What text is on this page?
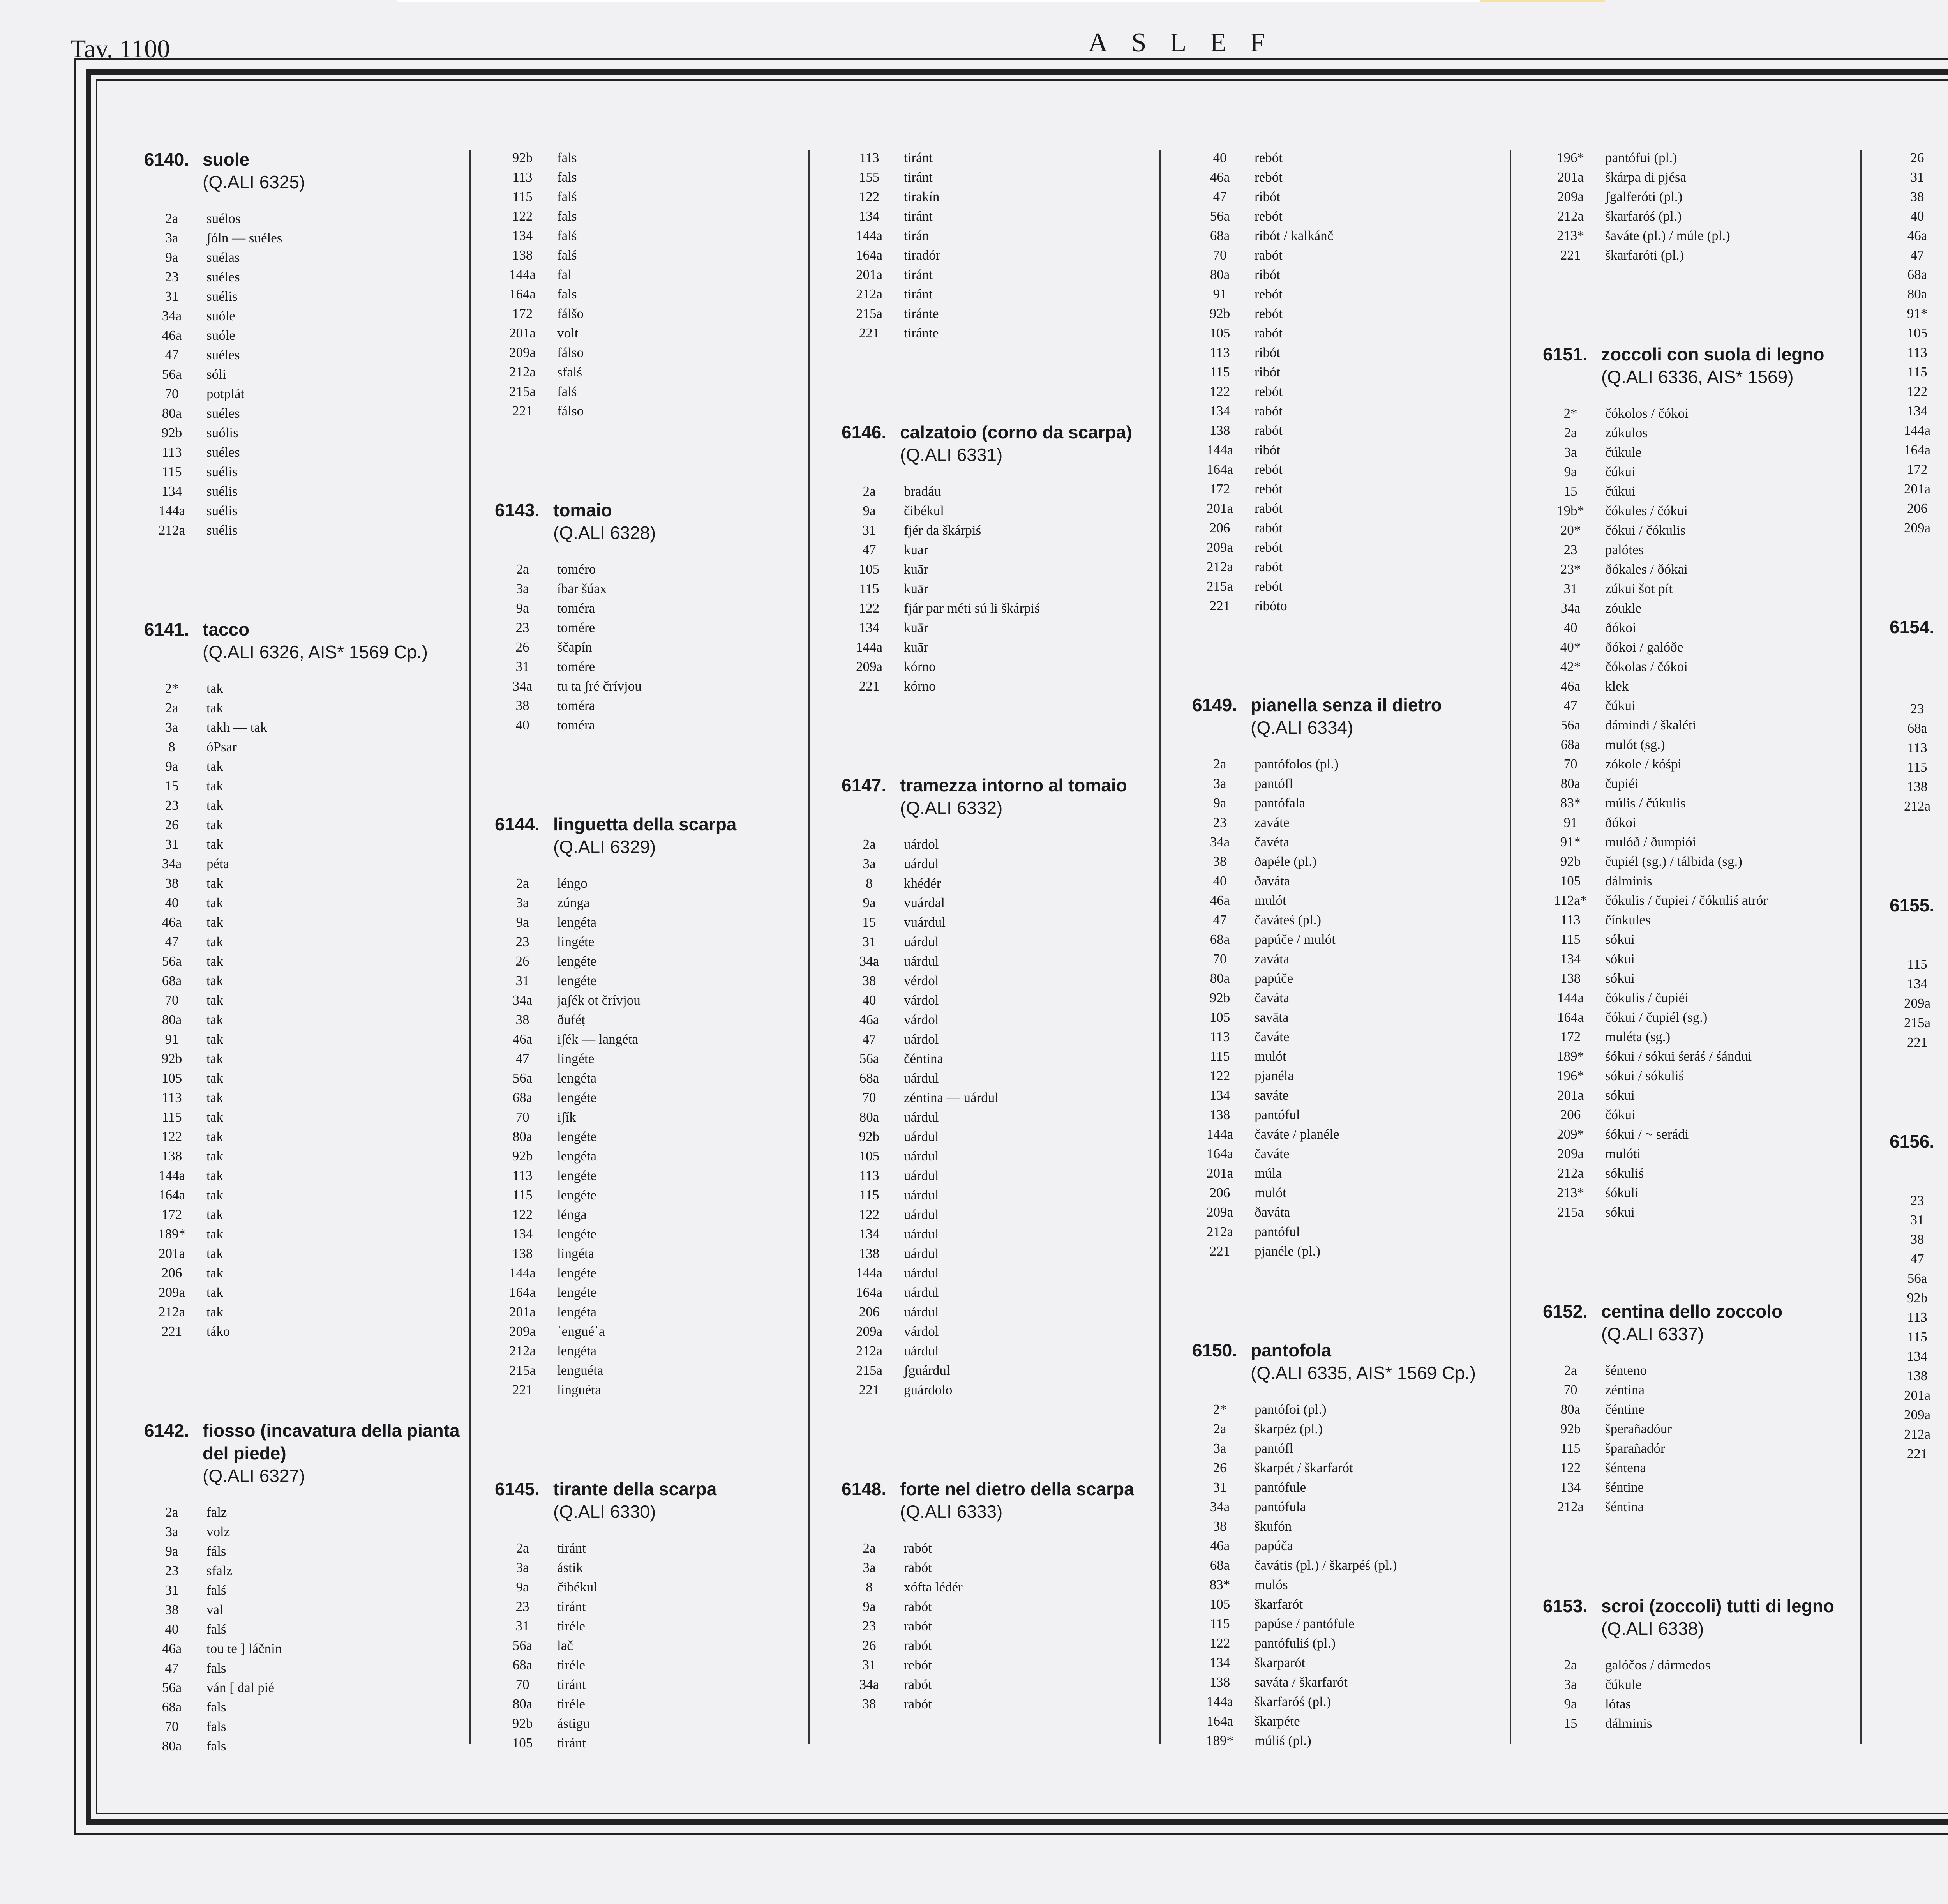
Tav. 1100	ASLEF
6140. suole
(Q.ALI 6325)
2a	suélos
3a	ʃóln — suéles
9a	suélas
23	suéles
31	suélis
34a	suóle
46a	suóle
47	suéles
56a	sóli
70	potplát
80a	suéles
92b	suólis
113	suéles
115	suélis
134	suélis
144a	suélis
212a	suélis
6141. tacco
(Q.ALI 6326, AIS* 1569 Cp.)
2*	tak
2a	tak
3a	takh — tak
8	óPsar
9a	tak
15	tak
23	tak
26	tak
31	tak
34a	péta
38	tak
40	tak
46a	tak
47	tak
56a	tak
68a	tak
70	tak
80a	tak
91	tak
92b	tak
105	tak
113	tak
115	tak
122	tak
138	tak
144a	tak
164a	tak
172	tak
189*	tak
201a	tak
206	tak
209a	tak
212a	tak
221	táko
6142. fiosso (incavatura della pianta del piede)
(Q.ALI 6327)
2a	falz
3a	volz
9a	fáls
23	sfalz
31	falś
38	val
40	falś
46a	tou te ] láčnin
47	fals
56a	ván [ dal pié
68a	fals
70	fals
80a	fals
92b	fals
113	fals
115	falś
122	fals
134	falś
138	falś
144a	fal
164a	fals
172	fálšo
201a	volt
209a	fálso
212a	sfalś
215a	falś
221	fálso
6143. tomaio
(Q.ALI 6328)
2a	toméro
3a	íbar šúax
9a	toméra
23	tomére
26	ščapín
31	tomére
34a	tu ta ʃré črívjou
38	toméra
40	toméra
6144. linguetta della scarpa
(Q.ALI 6329)
2a	léngo
3a	zúnga
9a	lengéta
23	lingéte
26	lengéte
31	lengéte
34a	jaʃék ot črívjou
38	ðuféṭ
46a	iʃék — langéta
47	lingéte
56a	lengéta
68a	lengéte
70	iʃík
80a	lengéte
92b	lengéta
113	lengéte
115	lengéte
122	lénga
134	lengéte
138	lingéta
144a	lengéte
164a	lengéte
201a	lengéta
209a	ˈenguéˈa
212a	lengéta
215a	lenguéta
221	linguéta
6145. tirante della scarpa
(Q.ALI 6330)
2a	tiránt
3a	ástik
9a	čibékul
23	tiránt
31	tiréle
56a	lač
68a	tiréle
70	tiránt
80a	tiréle
92b	ástigu
105	tiránt
113	tiránt
155	tiránt
122	tirakín
134	tiránt
144a	tirán
164a	tiradór
201a	tiránt
212a	tiránt
215a	tiránte
221	tiránte
6146. calzatoio (corno da scarpa)
(Q.ALI 6331)
2a	bradáu
9a	čibékul
31	fjér da škárpiś
47	kuar
105	kuār
115	kuār
122	fjár par méti sú li škárpiś
134	kuār
144a	kuār
209a	kórno
221	kórno
6147. tramezza intorno al tomaio
(Q.ALI 6332)
2a	uárdol
3a	uárdul
8	khédér
9a	vuárdal
15	vuárdul
31	uárdul
34a	uárdul
38	vérdol
40	várdol
46a	várdol
47	uárdol
56a	čéntina
68a	uárdul
70	zéntina — uárdul
80a	uárdul
92b	uárdul
105	uárdul
113	uárdul
115	uárdul
122	uárdul
134	uárdul
138	uárdul
144a	uárdul
164a	uárdul
206	uárdul
209a	várdol
212a	uárdul
215a	ʃguárdul
221	guárdolo
6148. forte nel dietro della scarpa
(Q.ALI 6333)
2a	rabót
3a	rabót
8	xófta lédér
9a	rabót
23	rabót
26	rabót
31	rebót
34a	rabót
38	rabót
40	rebót
46a	rebót
47	ribót
56a	rebót
68a	ribót / kalkánč
70	rabót
80a	ribót
91	rebót
92b	rebót
105	rabót
113	ribót
115	ribót
122	rebót
134	rabót
138	rabót
144a	ribót
164a	rebót
172	rebót
201a	rabót
206	rabót
209a	rebót
212a	rabót
215a	rebót
221	ribóto
6149. pianella senza il dietro
(Q.ALI 6334)
2a	pantófolos (pl.)
3a	pantófl
9a	pantófala
23	zaváte
34a	čavéta
38	ðapéle (pl.)
40	ðaváta
46a	mulót
47	čaváteś (pl.)
68a	papúče / mulót
70	zaváta
80a	papúče
92b	čaváta
105	savāta
113	čaváte
115	mulót
122	pjanéla
134	saváte
138	pantóful
144a	čaváte / planéle
164a	čaváte
201a	múla
206	mulót
209a	ðaváta
212a	pantóful
221	pjanéle (pl.)
6150. pantofola
(Q.ALI 6335, AIS* 1569 Cp.)
2*	pantófoi (pl.)
2a	škarpéz (pl.)
3a	pantófl
26	škarpét / škarfarót
31	pantófule
34a	pantófula
38	škufón
46a	papúča
68a	čavátis (pl.) / škarpéś (pl.)
83*	mulós
105	škarfarót
115	papúse / pantófule
122	pantófuliś (pl.)
134	škarparót
138	saváta / škarfarót
144a	škarfaróś (pl.)
164a	škarpéte
189*	múliś (pl.)
196*	pantófui (pl.)
201a	škárpa di pjésa
209a	ʃgalferóti (pl.)
212a	škarfaróś (pl.)
213*	šaváte (pl.) / múle (pl.)
221	škarfaróti (pl.)
6151. zoccoli con suola di legno
(Q.ALI 6336, AIS* 1569)
2*	čókolos / čókoi
2a	zúkulos
3a	čúkule
9a	čúkui
15	čúkui
19b*	čókules / čókui
20*	čókui / čókulis
23	palótes
23*	ðókales / ðókai
31	zúkui šot pít
34a	zóukle
40	ðókoi
40*	ðókoi / galóðe
42*	čókolas / čókoi
46a	klek
47	čúkui
56a	dámindi / škaléti
68a	mulót (sg.)
70	zókole / kóśpi
80a	čupiéi
83*	múlis / čúkulis
91	ðókoi
91*	mulóð / ðumpiói
92b	čupiél (sg.) / tálbida (sg.)
105	dálminis
112a*	čókulis / čupiei / čókuliś atrór
113	čínkules
115	sókui
134	sókui
138	sókui
144a	čókulis / čupiéi
164a	čókui / čupiél (sg.)
172	muléta (sg.)
189*	śókui / sókui śeráś / śándui
196*	sókui / sókuliś
201a	sókui
206	čókui
209*	śókui / ~ serádi
209a	mulóti
212a	sókuliś
213*	śókuli
215a	sókui
6152. centina dello zoccolo
(Q.ALI 6337)
2a	šénteno
70	zéntina
80a	čéntine
92b	šperañadóur
115	šparañadór
122	šéntena
134	šéntine
212a	šéntina
6153. scroi (zoccoli) tutti di legno
(Q.ALI 6338)
2a	galóčos / dármedos
3a	čúkule
9a	lótas
15	dálminis
26
31
38
40
46a
47
68a
80a
91*
105
113
115
122
134
144a
164a
172
201a
206
209a
6154.
23
68a
113
115
138
212a
6155.
115
134
209a
215a
221
6156.
23
31
38
47
56a
92b
113
115
134
138
201a
209a
212a
221
